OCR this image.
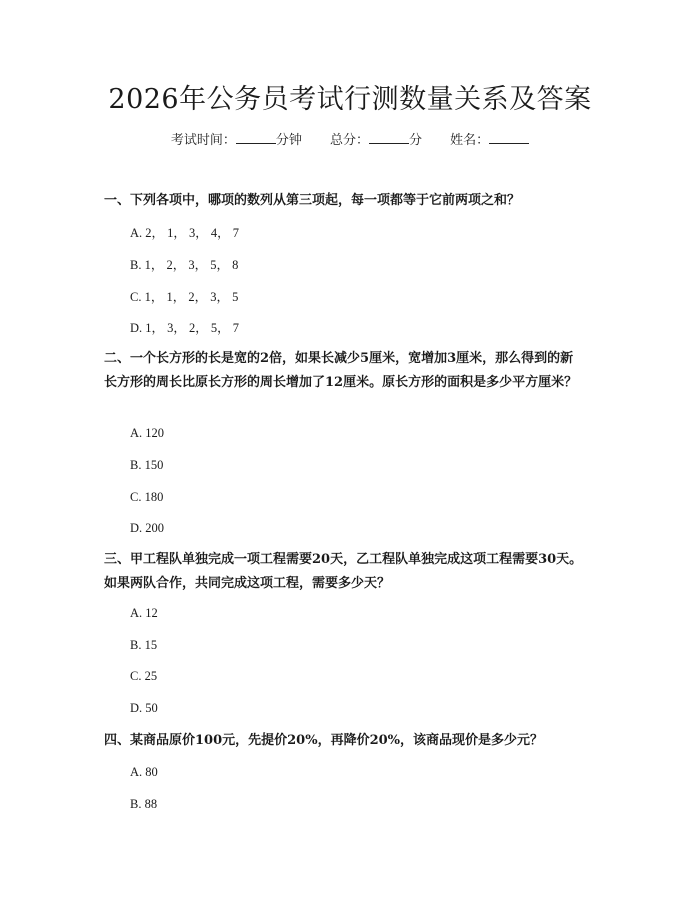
2026年公务员考试行测数量关系及答案
考试时间：	分钟 总分：	分 姓名：
一、下列各项中，哪项的数列从第三项起，每一项都等于它前两项之和？
A. 2， 1， 3， 4， 7
B. 1， 2， 3， 5， 8
C. 1， 1， 2， 3， 5
D. 1， 3， 2， 5， 7
二、一个长方形的长是宽的2倍，如果长减少5厘米，宽增加3厘米，那么得到的新长方形的周长比原长方形的周长增加了12厘米。原长方形的面积是多少平方厘米？
A. 120
B. 150
C. 180
D. 200
三、甲工程队单独完成一项工程需要20天，乙工程队单独完成这项工程需要30天。如果两队合作，共同完成这项工程，需要多少天？
A. 12
B. 15
C. 25
D. 50
四、某商品原价100元，先提价20%，再降价20%，该商品现价是多少元？
A. 80
B. 88
